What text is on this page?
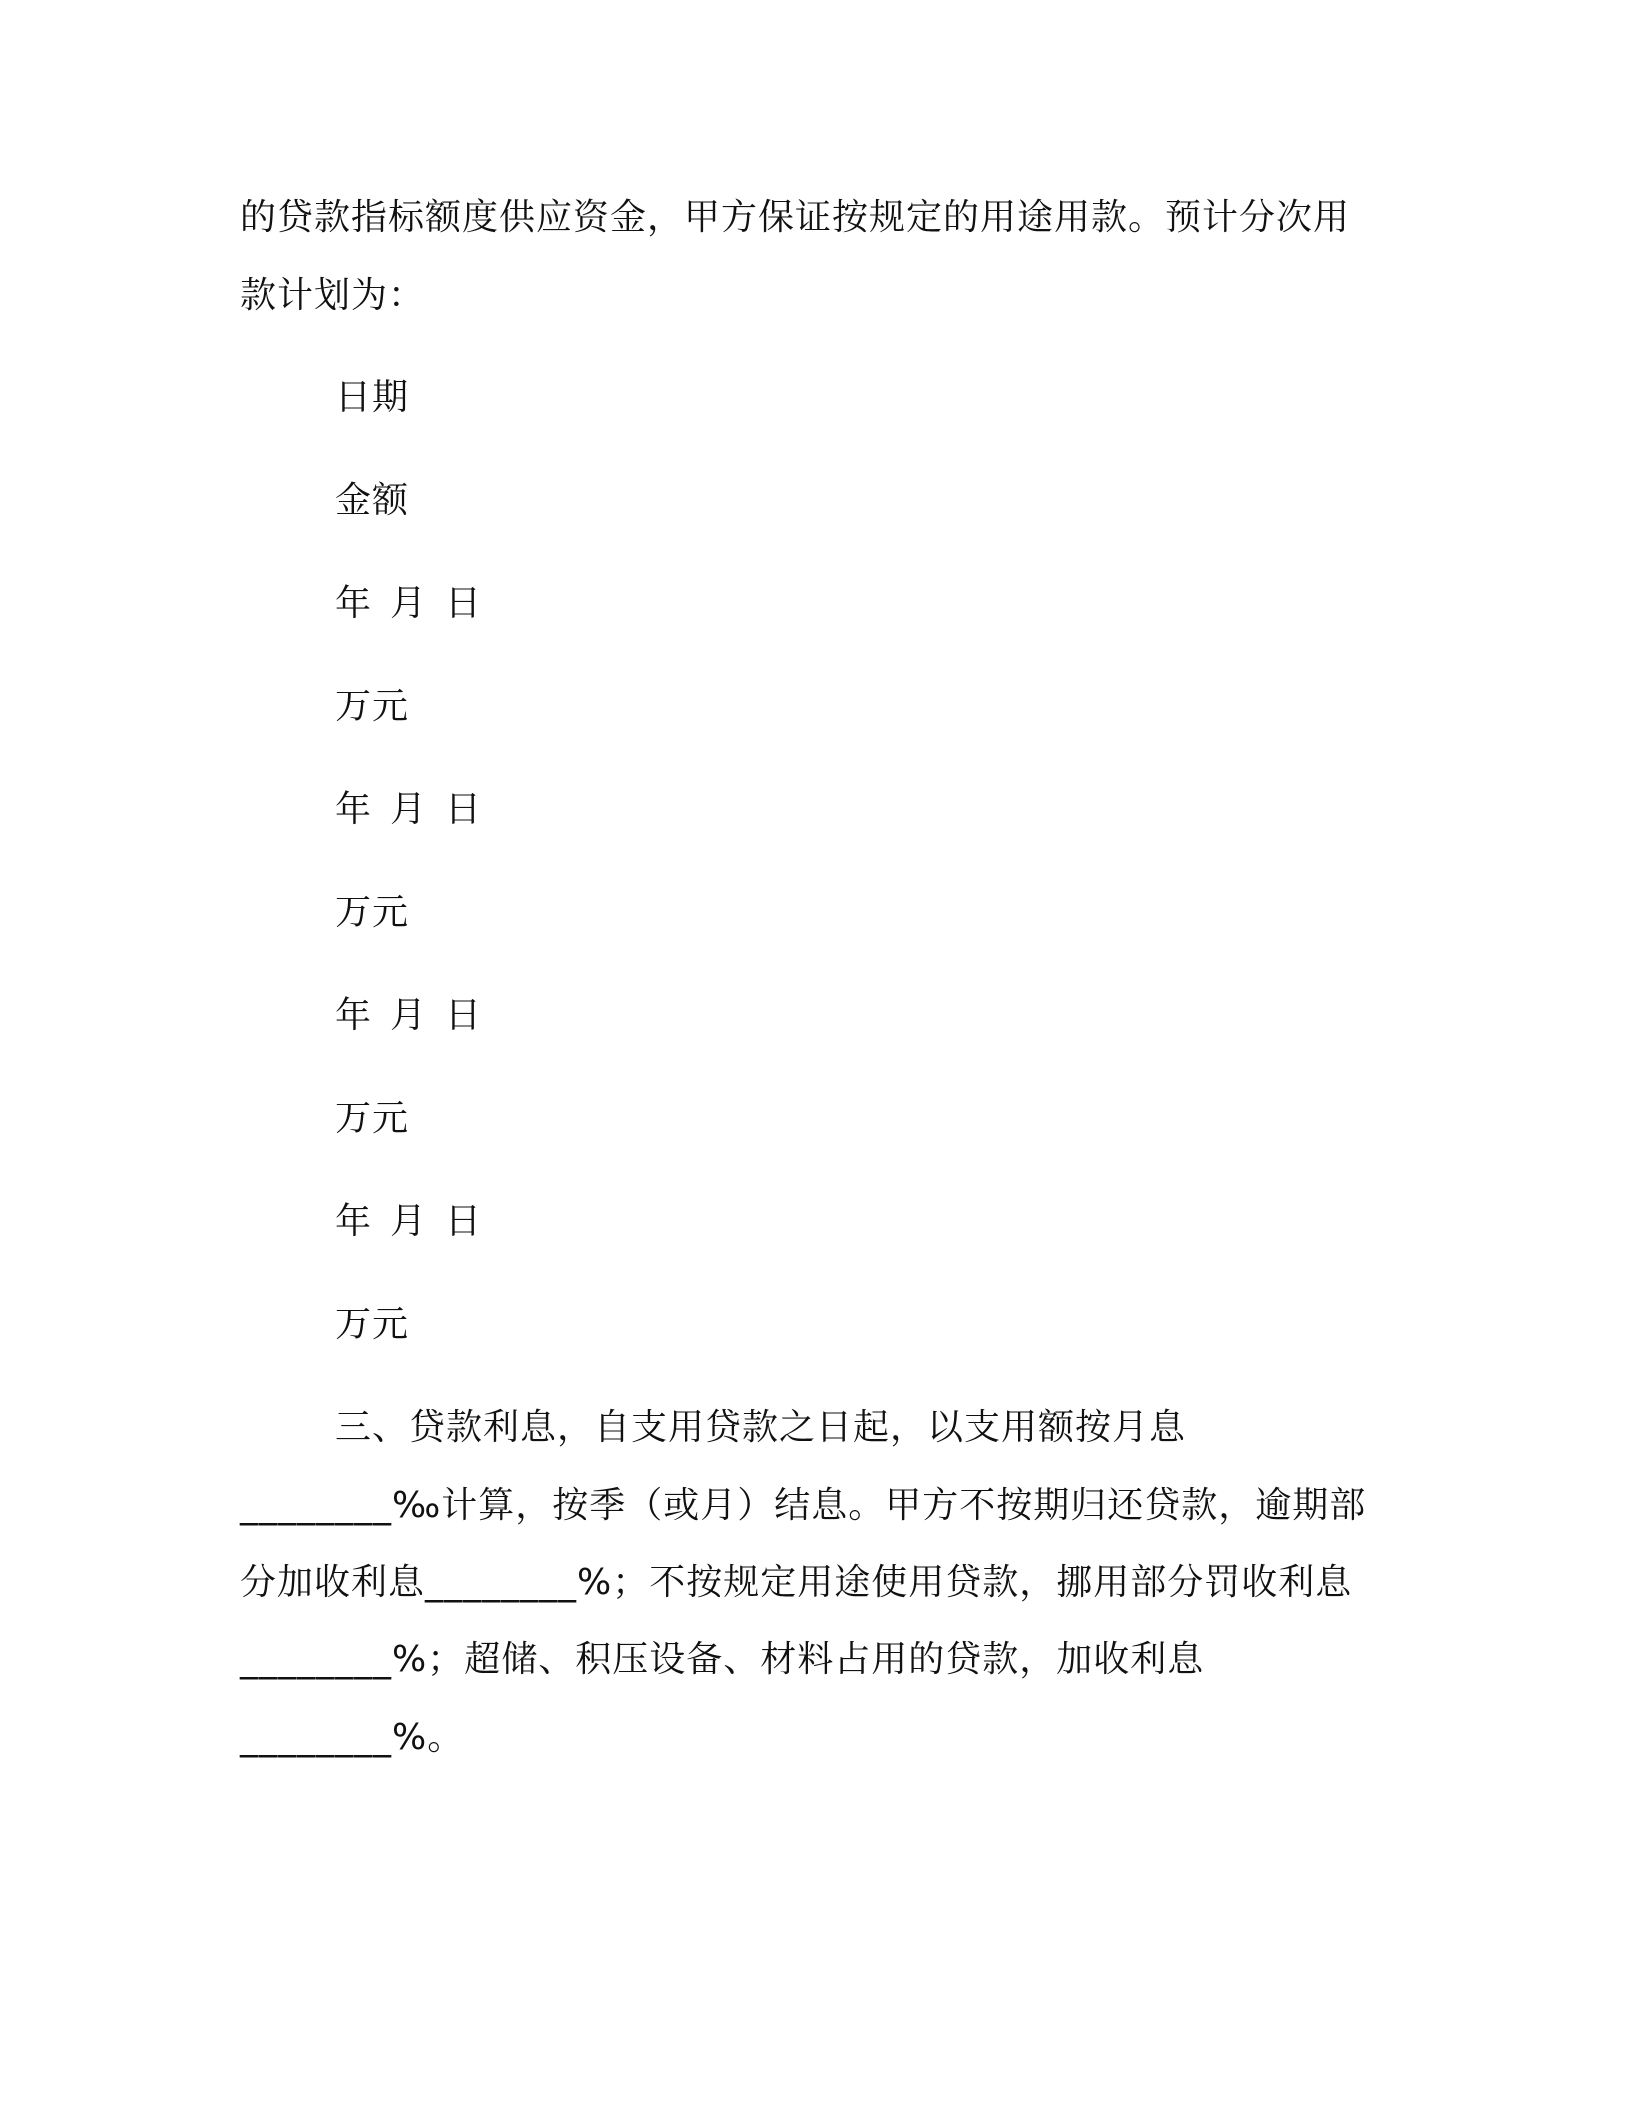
的贷款指标额度供应资金，甲方保证按规定的用途用款。预计分次用
款计划为：
日期
金额
年 月 日
万元
年 月 日
万元
年 月 日
万元
年 月 日
万元
三、贷款利息，自支用贷款之日起，以支用额按月息
________‰计算，按季（或月）结息。甲方不按期归还贷款，逾期部
分加收利息________%；不按规定用途使用贷款，挪用部分罚收利息
________%；超储、积压设备、材料占用的贷款，加收利息
________%。
